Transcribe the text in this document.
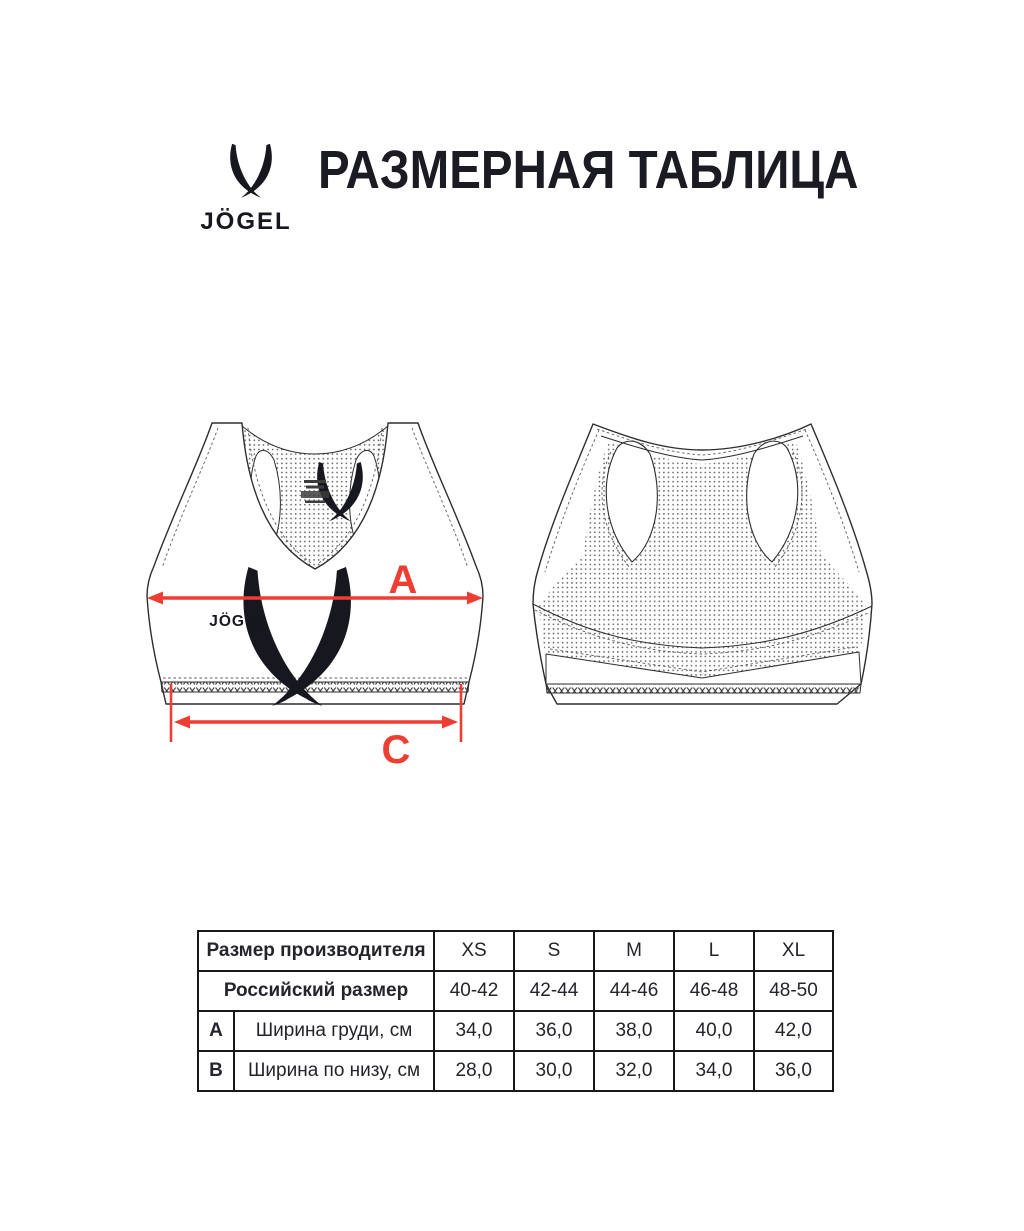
JÖGEL
РАЗМЕРНАЯ ТАБЛИЦА
JÖGEL
A
C
Размер производителя		XS	S	M	L	XL
Российский размер		40-42	42-44	44-46	46-48	48-50
A	Ширина груди, см	34,0	36,0	38,0	40,0	42,0
B	Ширина по низу, см	28,0	30,0	32,0	34,0	36,0
